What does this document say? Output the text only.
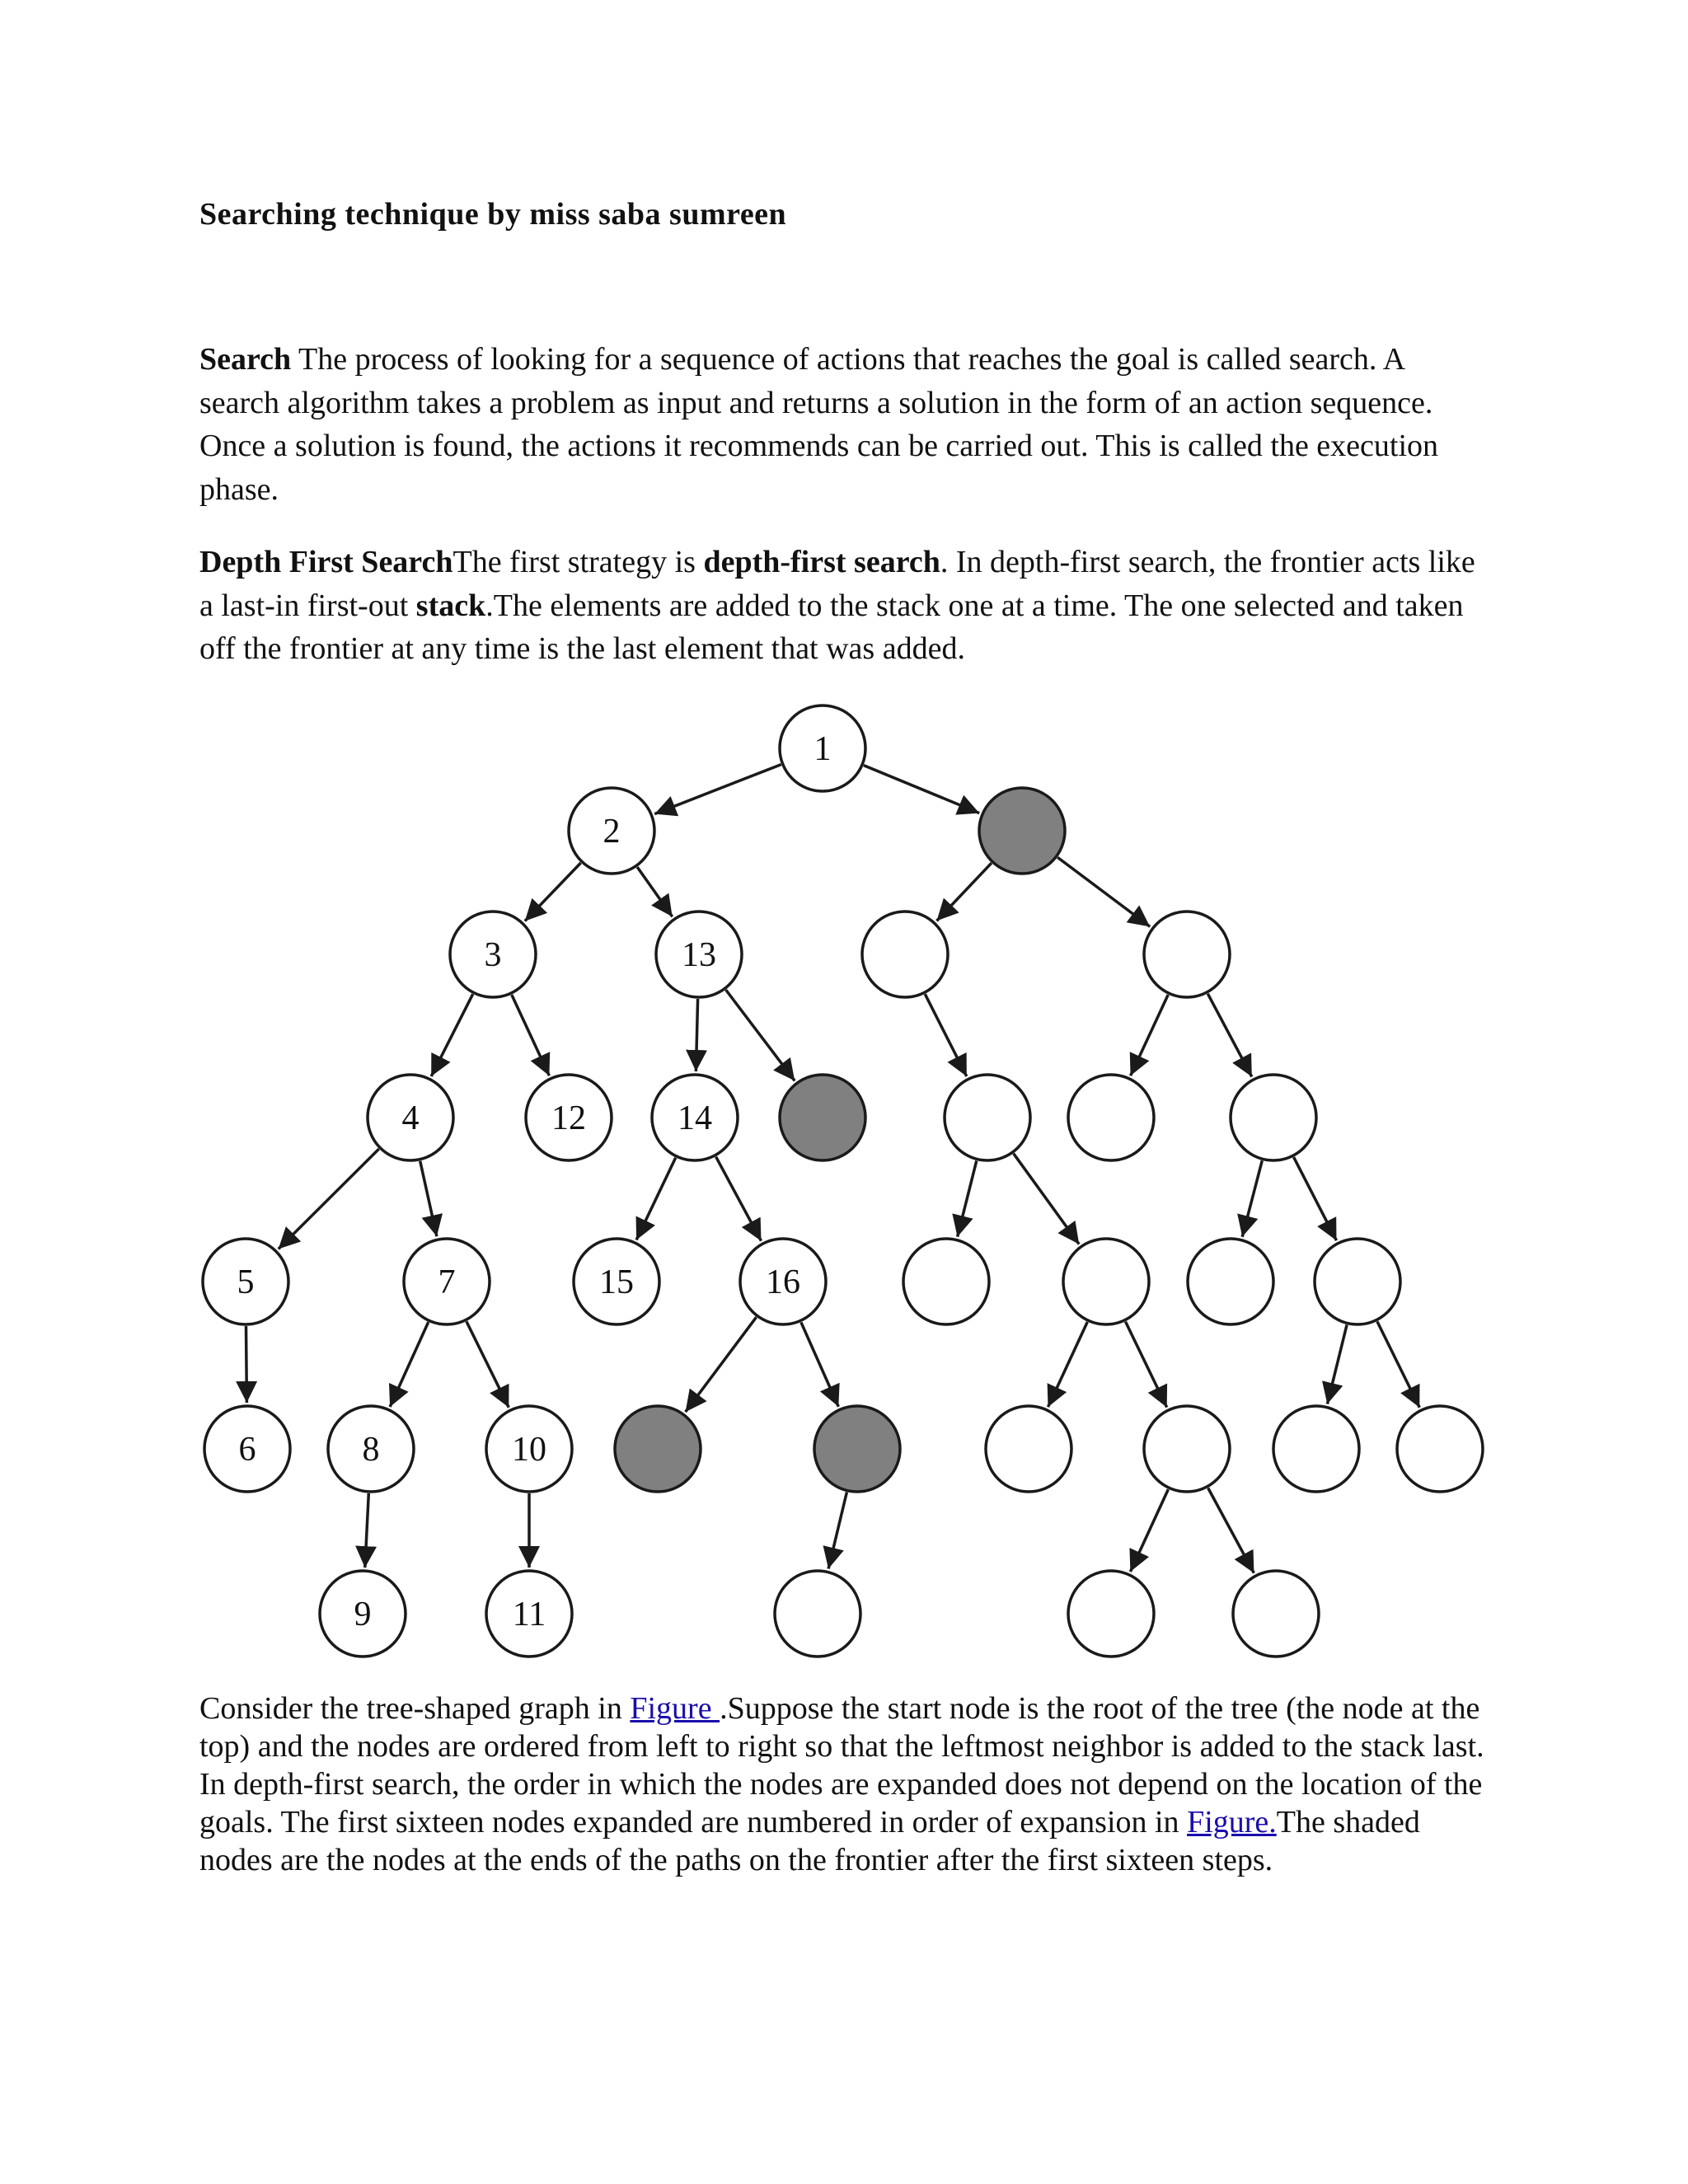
Searching technique by miss saba sumreen

Search The process of looking for a sequence of actions that reaches the goal is called search. A search algorithm takes a problem as input and returns a solution in the form of an action sequence. Once a solution is found, the actions it recommends can be carried out. This is called the execution phase.

Depth First SearchThe first strategy is depth-first search. In depth-first search, the frontier acts like a last-in first-out stack.The elements are added to the stack one at a time. The one selected and taken off the frontier at any time is the last element that was added.

1
2
3	13
4	12	14
5	7	15	16
6	8	10
9	11

Consider the tree-shaped graph in Figure .Suppose the start node is the root of the tree (the node at the top) and the nodes are ordered from left to right so that the leftmost neighbor is added to the stack last. In depth-first search, the order in which the nodes are expanded does not depend on the location of the goals. The first sixteen nodes expanded are numbered in order of expansion in Figure.The shaded nodes are the nodes at the ends of the paths on the frontier after the first sixteen steps.
